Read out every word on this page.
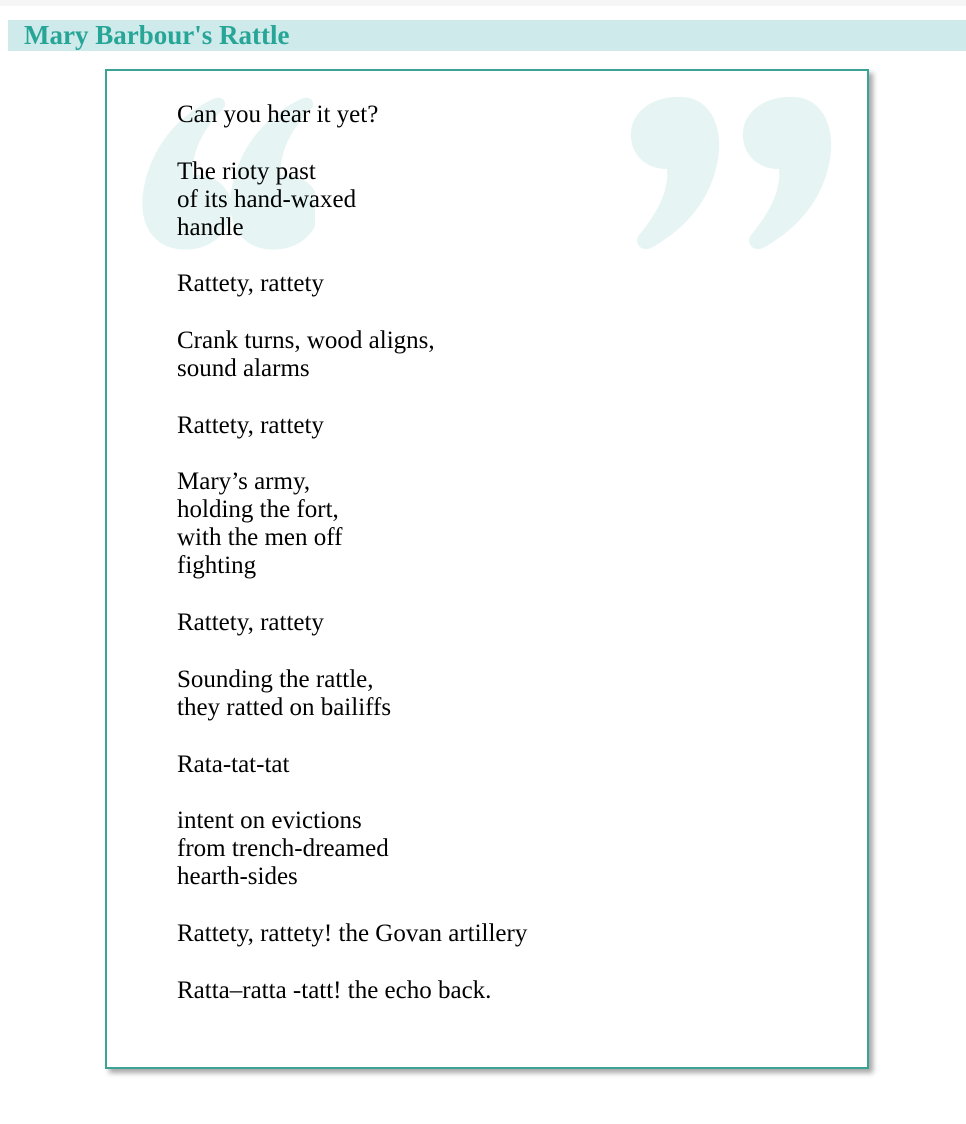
Mary Barbour's Rattle
Can you hear it yet?
The rioty past
of its hand-waxed
handle
Rattety, rattety
Crank turns, wood aligns,
sound alarms
Rattety, rattety
Mary’s army,
holding the fort,
with the men off
fighting
Rattety, rattety
Sounding the rattle,
they ratted on bailiffs
Rata-tat-tat
intent on evictions
from trench-dreamed
hearth-sides
Rattety, rattety! the Govan artillery
Ratta–ratta -tatt! the echo back.
